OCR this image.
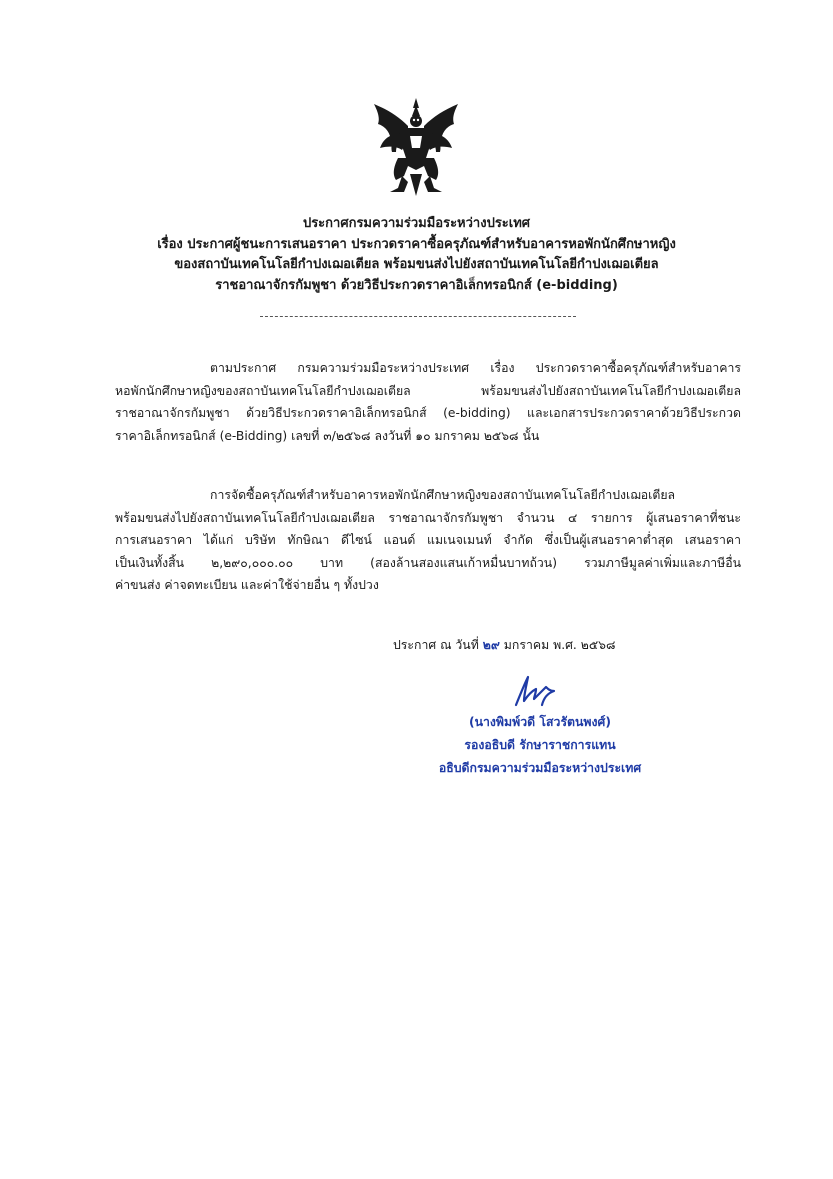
ประกาศกรมความร่วมมือระหว่างประเทศ
เรื่อง ประกาศผู้ชนะการเสนอราคา ประกวดราคาซื้อครุภัณฑ์สำหรับอาคารหอพักนักศึกษาหญิง
ของสถาบันเทคโนโลยีกำปงเฌอเตียล พร้อมขนส่งไปยังสถาบันเทคโนโลยีกำปงเฌอเตียล
ราชอาณาจักรกัมพูชา ด้วยวิธีประกวดราคาอิเล็กทรอนิกส์ (e-bidding)
ตามประกาศ กรมความร่วมมือระหว่างประเทศ เรื่อง ประกวดราคาซื้อครุภัณฑ์สำหรับอาคาร
หอพักนักศึกษาหญิงของสถาบันเทคโนโลยีกำปงเฌอเตียล พร้อมขนส่งไปยังสถาบันเทคโนโลยีกำปงเฌอเตียล
ราชอาณาจักรกัมพูชา ด้วยวิธีประกวดราคาอิเล็กทรอนิกส์ (e-bidding) และเอกสารประกวดราคาด้วยวิธีประกวด
ราคาอิเล็กทรอนิกส์ (e-Bidding) เลขที่ ๓/๒๕๖๘ ลงวันที่ ๑๐ มกราคม ๒๕๖๘ นั้น
การจัดซื้อครุภัณฑ์สำหรับอาคารหอพักนักศึกษาหญิงของสถาบันเทคโนโลยีกำปงเฌอเตียล
พร้อมขนส่งไปยังสถาบันเทคโนโลยีกำปงเฌอเตียล ราชอาณาจักรกัมพูชา จำนวน ๔ รายการ ผู้เสนอราคาที่ชนะ
การเสนอราคา ได้แก่ บริษัท ทักษิณา ดีไซน์ แอนด์ แมเนจเมนท์ จำกัด ซึ่งเป็นผู้เสนอราคาต่ำสุด เสนอราคา
เป็นเงินทั้งสิ้น ๒,๒๙๐,๐๐๐.๐๐ บาท (สองล้านสองแสนเก้าหมื่นบาทถ้วน) รวมภาษีมูลค่าเพิ่มและภาษีอื่น
ค่าขนส่ง ค่าจดทะเบียน และค่าใช้จ่ายอื่น ๆ ทั้งปวง
ประกาศ ณ วันที่ ๒๙ มกราคม พ.ศ. ๒๕๖๘
(นางพิมพ์วดี โสวรัตนพงศ์)
รองอธิบดี รักษาราชการแทน
อธิบดีกรมความร่วมมือระหว่างประเทศ
